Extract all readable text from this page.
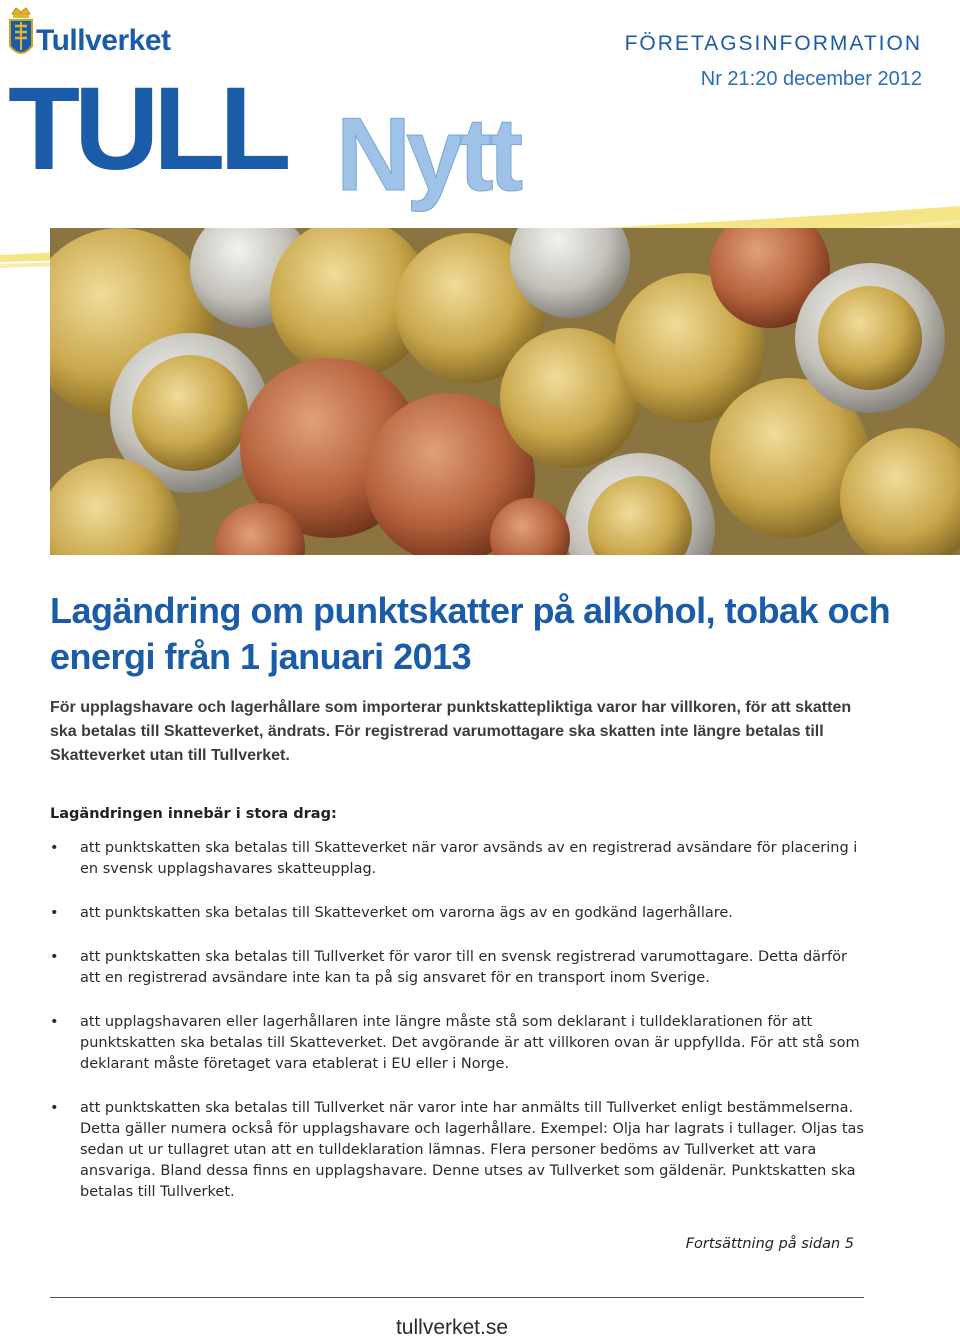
Tullverket	FÖRETAGSINFORMATION
Nr 21:20 december 2012
TULL Nytt
Lagändring om punktskatter på alkohol, tobak och energi från 1 januari 2013
För upplagshavare och lagerhållare som importerar punktskattepliktiga varor har villkoren, för att skatten ska betalas till Skatteverket, ändrats. För registrerad varumottagare ska skatten inte längre betalas till Skatteverket utan till Tullverket.
Lagändringen innebär i stora drag:
• att punktskatten ska betalas till Skatteverket när varor avsänds av en registrerad avsändare för placering i en svensk upplagshavares skatteupplag.
• att punktskatten ska betalas till Skatteverket om varorna ägs av en godkänd lagerhållare.
• att punktskatten ska betalas till Tullverket för varor till en svensk registrerad varumottagare. Detta därför att en registrerad avsändare inte kan ta på sig ansvaret för en transport inom Sverige.
• att upplagshavaren eller lagerhållaren inte längre måste stå som deklarant i tulldeklarationen för att punktskatten ska betalas till Skatteverket. Det avgörande är att villkoren ovan är uppfyllda. För att stå som deklarant måste företaget vara etablerat i EU eller i Norge.
• att punktskatten ska betalas till Tullverket när varor inte har anmälts till Tullverket enligt bestämmelserna. Detta gäller numera också för upplagshavare och lagerhållare. Exempel: Olja har lagrats i tullager. Oljas tas sedan ut ur tullagret utan att en tulldeklaration lämnas. Flera personer bedöms av Tullverket att vara ansvariga. Bland dessa finns en upplagshavare. Denne utses av Tullverket som gäldenär. Punktskatten ska betalas till Tullverket.
Fortsättning på sidan 5
tullverket.se
